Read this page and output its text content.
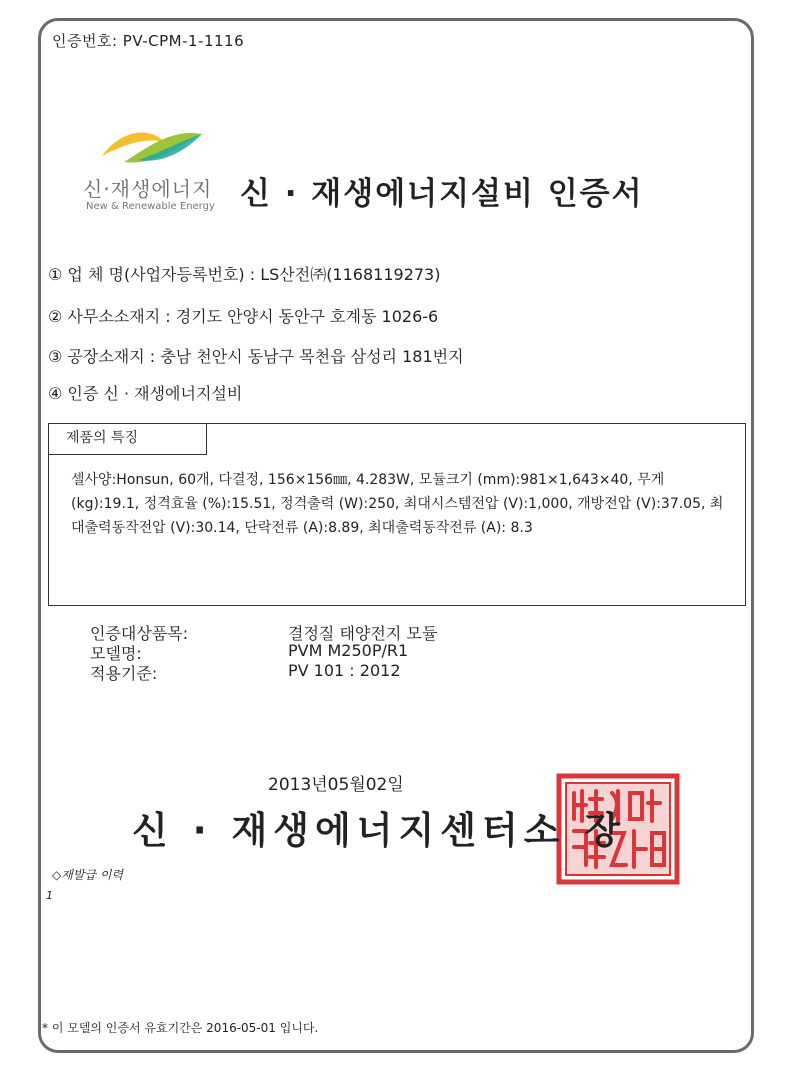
인증번호: PV-CPM-1-1116
신·재생에너지
New & Renewable Energy 신 · 재생에너지설비 인증서
① 업 체 명(사업자등록번호) : LS산전㈜(1168119273)
② 사무소소재지 : 경기도 안양시 동안구 호계동 1026-6
③ 공장소재지 : 충남 천안시 동남구 목천읍 삼성리 181번지
④ 인증 신 · 재생에너지설비
제품의 특징
셀사양:Honsun, 60개, 다결정, 156×156㎜, 4.283W, 모듈크기 (mm):981×1,643×40, 무게 (kg):19.1, 정격효율 (%):15.51, 정격출력 (W):250, 최대시스템전압 (V):1,000, 개방전압 (V):37.05, 최대출력동작전압 (V):30.14, 단락전류 (A):8.89, 최대출력동작전류 (A): 8.3
인증대상품목:	결정질 태양전지 모듈
모델명:	PVM M250P/R1
적용기준:	PV 101 : 2012
2013년05월02일
신 · 재생에너지센터소 장
◇재발급 이력
1
* 이 모델의 인증서 유효기간은 2016-05-01 입니다.
